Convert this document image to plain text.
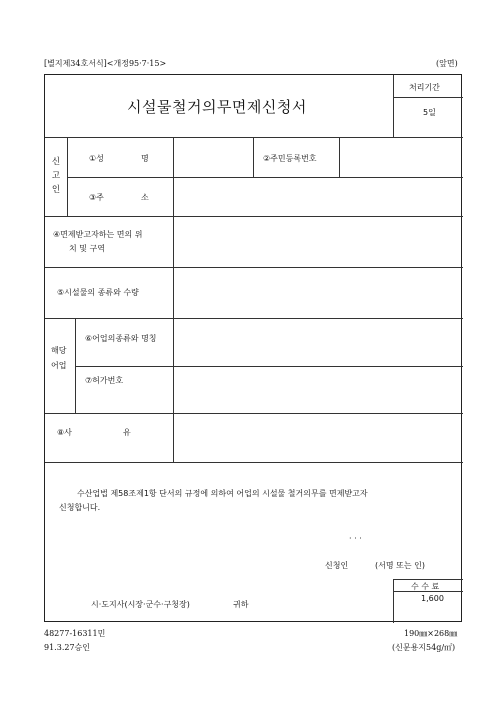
[별지제34호서식]<개정95·7·15>	(앞면)
시설물철거의무면제신청서
처리기간
5일
신 고 인
①성	명	②주민등록번호
③주	소
④면제받고자하는 면의 위
치 및 구역
⑤시설물의 종류와 수량
해당
어업
⑥어업의종류와 명칭
⑦허가번호
⑧사	유
수산업법 제58조제1항 단서의 규정에 의하여 어업의 시설물 철거의무를 면제받고자
신청합니다.
· · ·
신청인	(서명 또는 인)
수 수 료
1,600
시·도지사(시장·군수·구청장)	귀하
48277-16311민
91.3.27승인
190㎜×268㎜
(신문용지54g/㎡)
